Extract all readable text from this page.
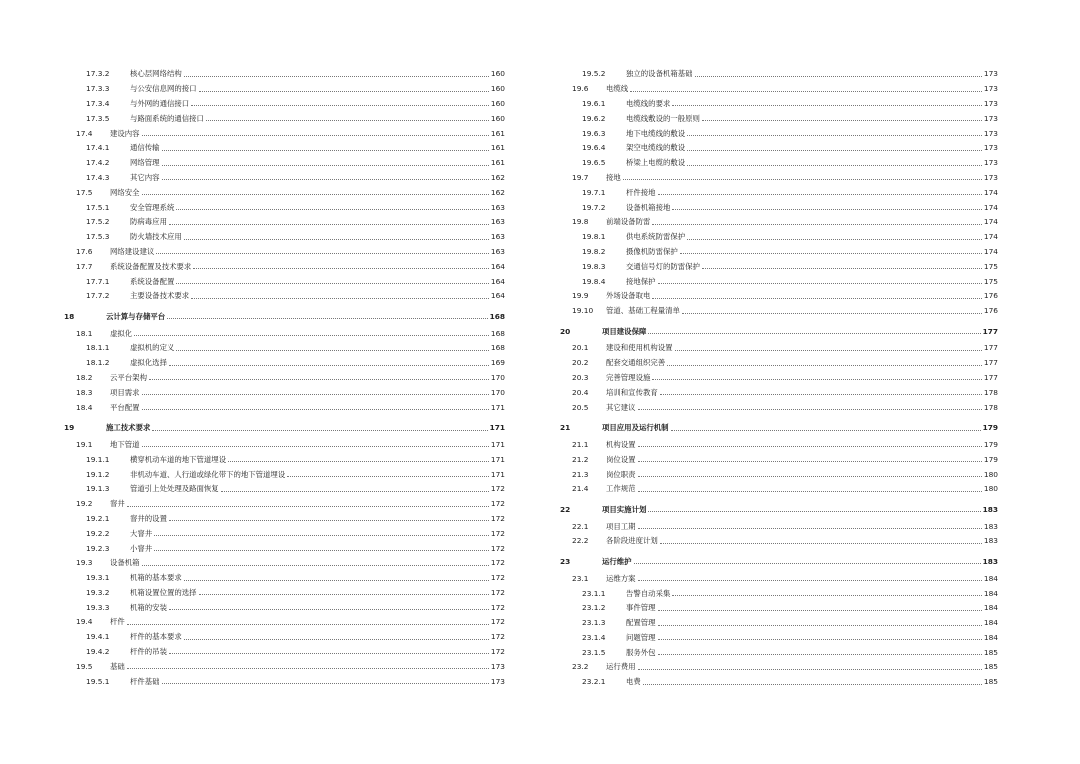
17.3.2	核心层网络结构	160
17.3.3	与公安信息网的接口	160
17.3.4	与外网的通信接口	160
17.3.5	与路面系统的通信接口	160
17.4	建设内容	161
17.4.1	通信传输	161
17.4.2	网络管理	161
17.4.3	其它内容	162
17.5	网络安全	162
17.5.1	安全管理系统	163
17.5.2	防病毒应用	163
17.5.3	防火墙技术应用	163
17.6	网络建设建议	163
17.7	系统设备配置及技术要求	164
17.7.1	系统设备配置	164
17.7.2	主要设备技术要求	164
18	云计算与存储平台	168
18.1	虚拟化	168
18.1.1	虚拟机的定义	168
18.1.2	虚拟化选择	169
18.2	云平台架构	170
18.3	项目需求	170
18.4	平台配置	171
19	施工技术要求	171
19.1	地下管道	171
19.1.1	横穿机动车道的地下管道埋设	171
19.1.2	非机动车道、人行道或绿化带下的地下管道埋设	171
19.1.3	管道引上处处理及路面恢复	172
19.2	窨井	172
19.2.1	窨井的设置	172
19.2.2	大窨井	172
19.2.3	小窨井	172
19.3	设备机箱	172
19.3.1	机箱的基本要求	172
19.3.2	机箱设置位置的选择	172
19.3.3	机箱的安装	172
19.4	杆件	172
19.4.1	杆件的基本要求	172
19.4.2	杆件的吊装	172
19.5	基础	173
19.5.1	杆件基础	173
19.5.2	独立的设备机箱基础	173
19.6	电缆线	173
19.6.1	电缆线的要求	173
19.6.2	电缆线敷设的一般原则	173
19.6.3	地下电缆线的敷设	173
19.6.4	架空电缆线的敷设	173
19.6.5	桥梁上电缆的敷设	173
19.7	接地	173
19.7.1	杆件接地	174
19.7.2	设备机箱接地	174
19.8	前端设备防雷	174
19.8.1	供电系统防雷保护	174
19.8.2	摄像机防雷保护	174
19.8.3	交通信号灯的防雷保护	175
19.8.4	接地保护	175
19.9	外场设备取电	176
19.10	管道、基础工程量清单	176
20	项目建设保障	177
20.1	建设和使用机构设置	177
20.2	配套交通组织完善	177
20.3	完善管理设施	177
20.4	培训和宣传教育	178
20.5	其它建议	178
21	项目应用及运行机制	179
21.1	机构设置	179
21.2	岗位设置	179
21.3	岗位职责	180
21.4	工作规范	180
22	项目实施计划	183
22.1	项目工期	183
22.2	各阶段进度计划	183
23	运行维护	183
23.1	运维方案	184
23.1.1	告警自动采集	184
23.1.2	事件管理	184
23.1.3	配置管理	184
23.1.4	问题管理	184
23.1.5	服务外包	185
23.2	运行费用	185
23.2.1	电费	185
